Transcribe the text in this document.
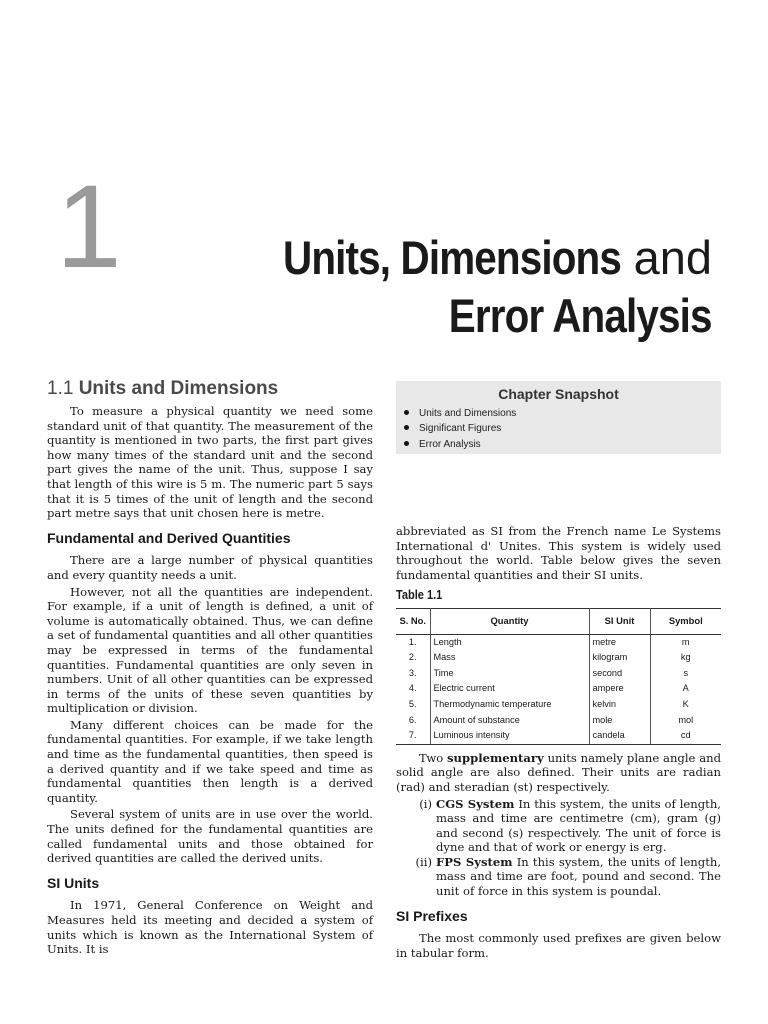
1	Units, Dimensions and
Error Analysis
1.1 Units and Dimensions	Chapter Snapshot
Units and Dimensions
Significant Figures
Error Analysis

To measure a physical quantity we need some standard unit of that quantity. The measurement of the quantity is mentioned in two parts, the first part gives how many times of the standard unit and the second part gives the name of the unit. Thus, suppose I say that length of this wire is 5 m. The numeric part 5 says that it is 5 times of the unit of length and the second part metre says that unit chosen here is metre.

Fundamental and Derived Quantities

There are a large number of physical quantities and every quantity needs a unit.

However, not all the quantities are independent. For example, if a unit of length is defined, a unit of volume is automatically obtained. Thus, we can define a set of fundamental quantities and all other quantities may be expressed in terms of the fundamental quantities. Fundamental quantities are only seven in numbers. Unit of all other quantities can be expressed in terms of the units of these seven quantities by multiplication or division.

Many different choices can be made for the fundamental quantities. For example, if we take length and time as the fundamental quantities, then speed is a derived quantity and if we take speed and time as fundamental quantities then length is a derived quantity.

Several system of units are in use over the world. The units defined for the fundamental quantities are called fundamental units and those obtained for derived quantities are called the derived units.

SI Units

In 1971, General Conference on Weight and Measures held its meeting and decided a system of units which is known as the International System of Units. It is

abbreviated as SI from the French name Le Systems International d' Unites. This system is widely used throughout the world. Table below gives the seven fundamental quantities and their SI units.

Table 1.1
S. No.	Quantity	SI Unit	Symbol
1.	Length	metre	m
2.	Mass	kilogram	kg
3.	Time	second	s
4.	Electric current	ampere	A
5.	Thermodynamic temperature	kelvin	K
6.	Amount of substance	mole	mol
7.	Luminous intensity	candela	cd

Two supplementary units namely plane angle and solid angle are also defined. Their units are radian (rad) and steradian (st) respectively.

(i) CGS System In this system, the units of length, mass and time are centimetre (cm), gram (g) and second (s) respectively. The unit of force is dyne and that of work or energy is erg.
(ii) FPS System In this system, the units of length, mass and time are foot, pound and second. The unit of force in this system is poundal.
SI Prefixes

The most commonly used prefixes are given below in tabular form.
